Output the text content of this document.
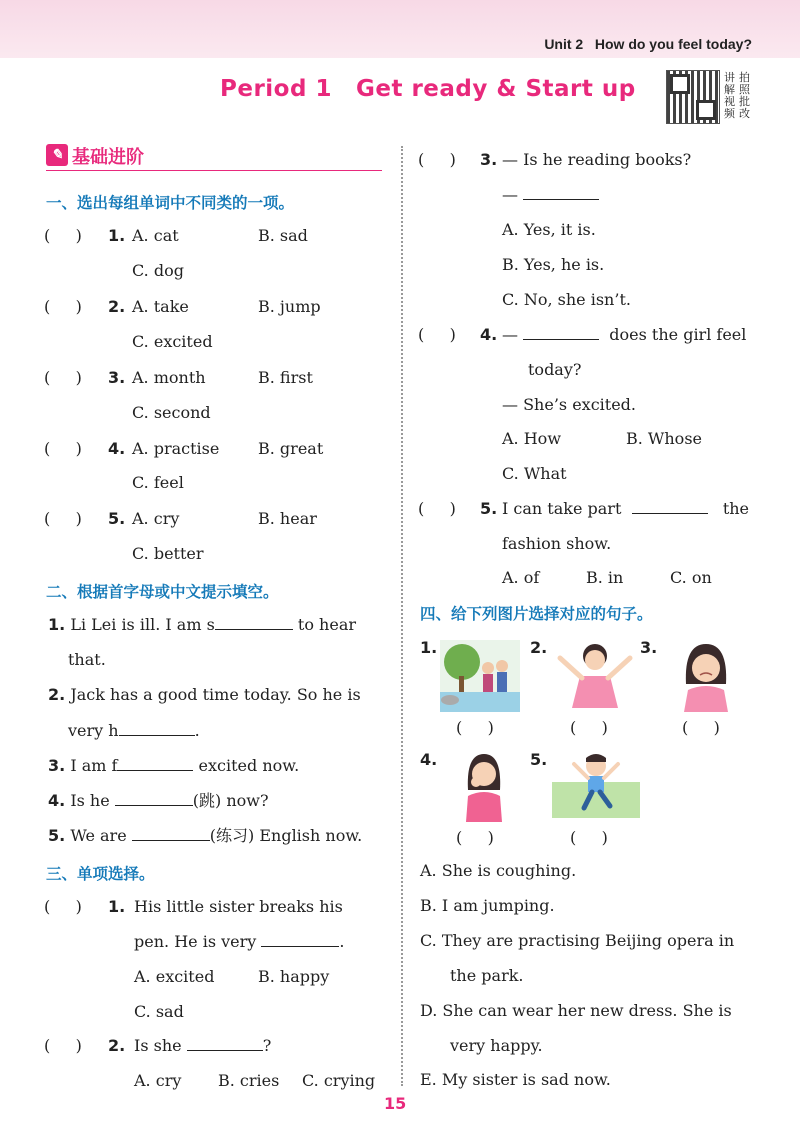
Unit 2 How do you feel today?
Period 1 Get ready & Start up	讲 拍
解 照
视 批
频 改
✎ 基础进阶
一、选出每组单词中不同类的一项。
(     ) 1. A. cat	B. sad
C. dog
(     ) 2. A. take	B. jump
C. excited
(     ) 3. A. month	B. first
C. second
(     ) 4. A. practise B. great
C. feel
(     ) 5. A. cry	B. hear
C. better
二、根据首字母或中文提示填空。
1. Li Lei is ill. I am s	to hear
that.
2. Jack has a good time today. So he is
very h	.
3. I am f	excited now.
4. Is he	(跳) now?
5. We are	(练习) English now.
三、单项选择。
(     ) 1. His little sister breaks his
pen. He is very	.
A. excited	B. happy
C. sad
(     ) 2. Is she	?
A. cry B. cries C. crying
(     ) 3. — Is he reading books?
—
A. Yes, it is.
B. Yes, he is.
C. No, she isn’t.
(     ) 4. —	does the girl feel
today?
— She’s excited.
A. How	B. Whose
C. What
(     ) 5. I can take part	the
fashion show.
A. of	B. in	C. on
四、给下列图片选择对应的句子。
1.
(     )
2.
(     )
3.
(     )
4.
(     )
5.
(     )
A. She is coughing.
B. I am jumping.
C. They are practising Beijing opera in
the park.
D. She can wear her new dress. She is
very happy.
E. My sister is sad now.
15
